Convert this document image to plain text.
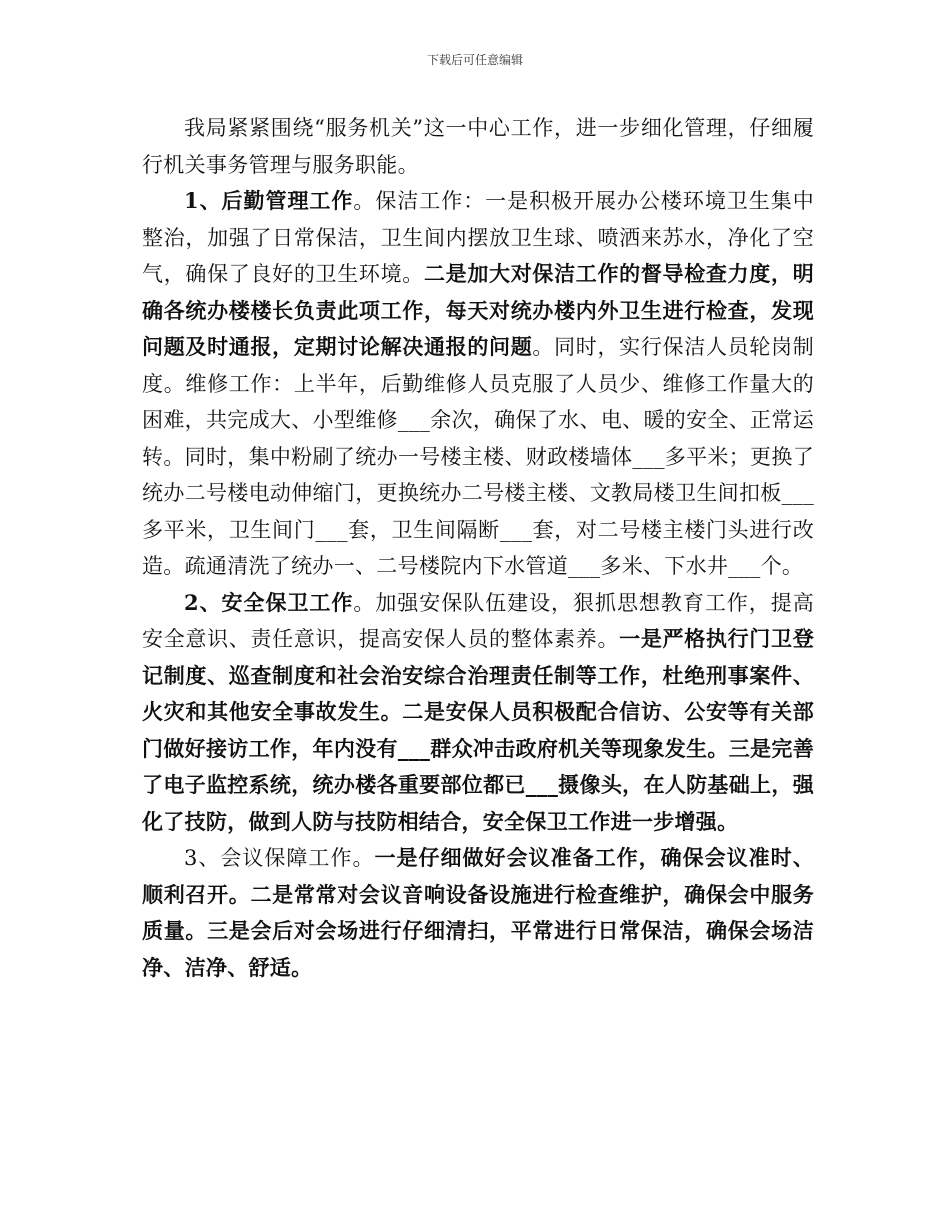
下载后可任意编辑

我局紧紧围绕“服务机关”这一中心工作，进一步细化管理，仔细履行机关事务管理与服务职能。

1、后勤管理工作。保洁工作：一是积极开展办公楼环境卫生集中整治，加强了日常保洁，卫生间内摆放卫生球、喷洒来苏水，净化了空气，确保了良好的卫生环境。二是加大对保洁工作的督导检查力度，明确各统办楼楼长负责此项工作，每天对统办楼内外卫生进行检查，发现问题及时通报，定期讨论解决通报的问题。同时，实行保洁人员轮岗制度。维修工作：上半年，后勤维修人员克服了人员少、维修工作量大的困难，共完成大、小型维修___余次，确保了水、电、暖的安全、正常运转。同时，集中粉刷了统办一号楼主楼、财政楼墙体___多平米；更换了统办二号楼电动伸缩门，更换统办二号楼主楼、文教局楼卫生间扣板___多平米，卫生间门___套，卫生间隔断___套，对二号楼主楼门头进行改造。疏通清洗了统办一、二号楼院内下水管道___多米、下水井___个。

2、安全保卫工作。加强安保队伍建设，狠抓思想教育工作，提高安全意识、责任意识，提高安保人员的整体素养。一是严格执行门卫登记制度、巡查制度和社会治安综合治理责任制等工作，杜绝刑事案件、火灾和其他安全事故发生。二是安保人员积极配合信访、公安等有关部门做好接访工作，年内没有___群众冲击政府机关等现象发生。三是完善了电子监控系统，统办楼各重要部位都已___摄像头，在人防基础上，强化了技防，做到人防与技防相结合，安全保卫工作进一步增强。

3、会议保障工作。一是仔细做好会议准备工作，确保会议准时、顺利召开。二是常常对会议音响设备设施进行检查维护，确保会中服务质量。三是会后对会场进行仔细清扫，平常进行日常保洁，确保会场洁净、洁净、舒适。
